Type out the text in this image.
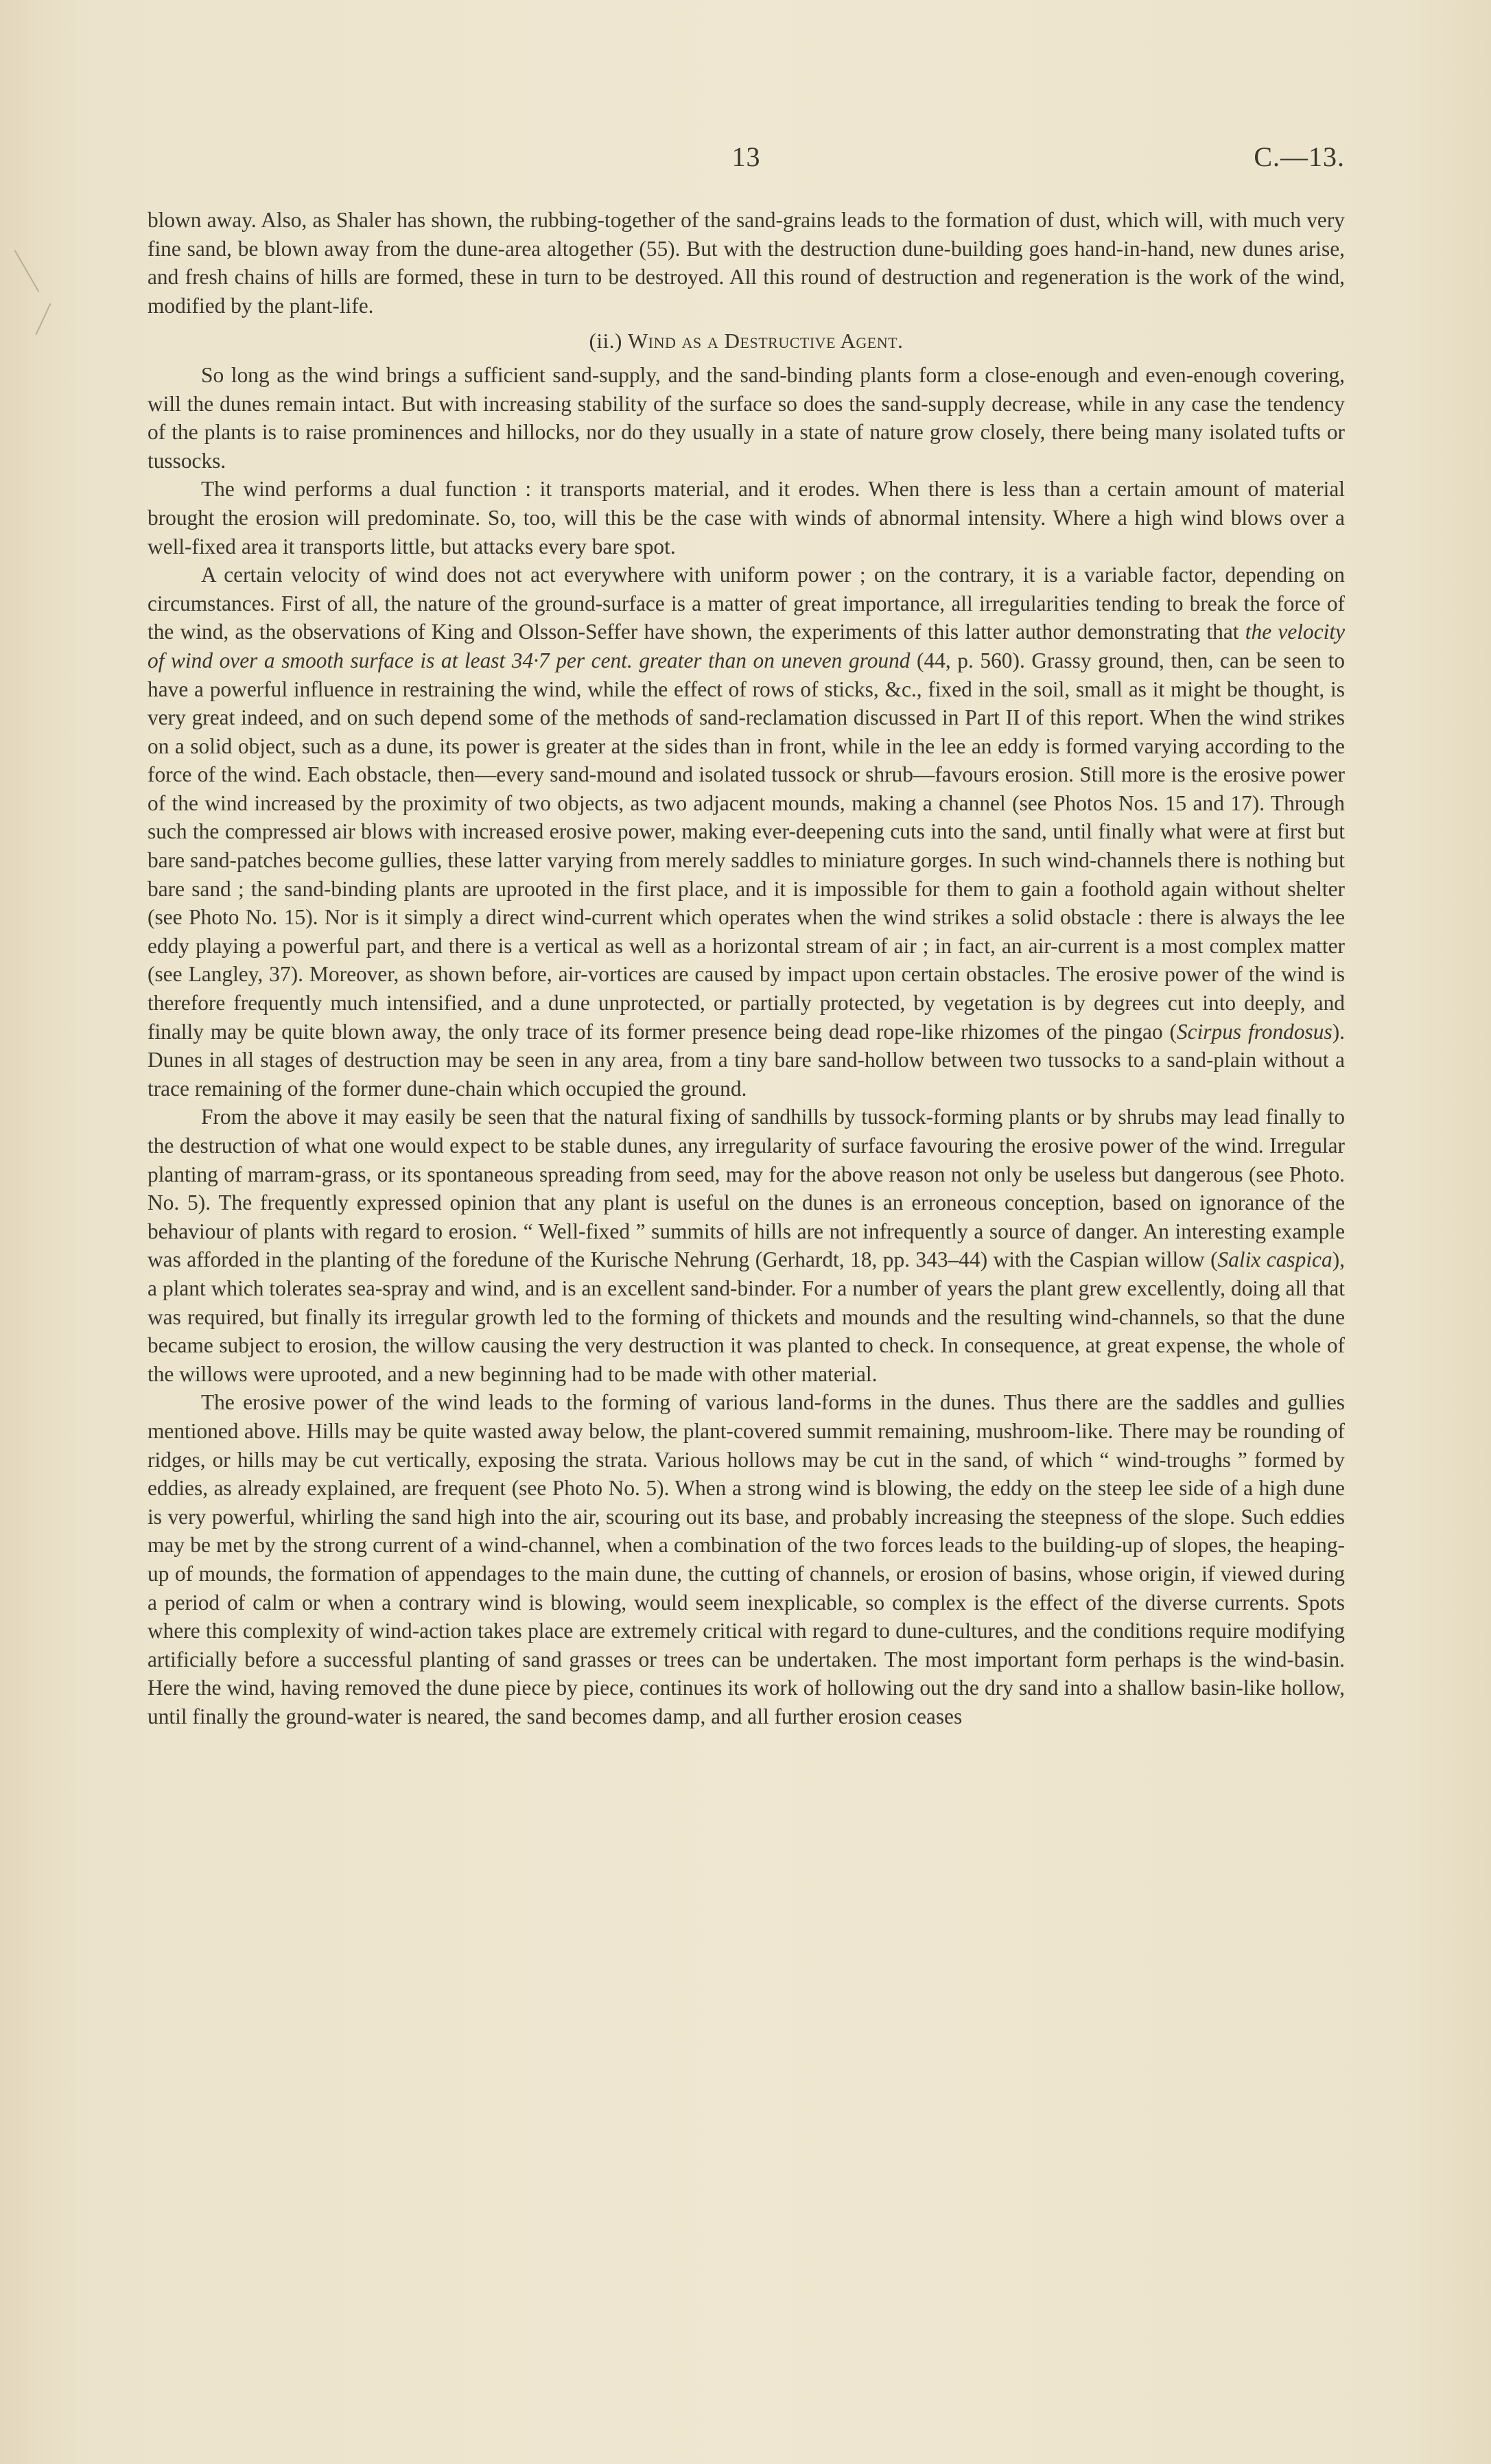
13	C.—13.

blown away. Also, as Shaler has shown, the rubbing-together of the sand-grains leads to the formation of dust, which will, with much very fine sand, be blown away from the dune-area altogether (55). But with the destruction dune-building goes hand-in-hand, new dunes arise, and fresh chains of hills are formed, these in turn to be destroyed. All this round of destruction and regeneration is the work of the wind, modified by the plant-life.

(ii.) Wind as a Destructive Agent.

So long as the wind brings a sufficient sand-supply, and the sand-binding plants form a close-enough and even-enough covering, will the dunes remain intact. But with increasing stability of the surface so does the sand-supply decrease, while in any case the tendency of the plants is to raise prominences and hillocks, nor do they usually in a state of nature grow closely, there being many isolated tufts or tussocks.

The wind performs a dual function : it transports material, and it erodes. When there is less than a certain amount of material brought the erosion will predominate. So, too, will this be the case with winds of abnormal intensity. Where a high wind blows over a well-fixed area it transports little, but attacks every bare spot.

A certain velocity of wind does not act everywhere with uniform power ; on the contrary, it is a variable factor, depending on circumstances. First of all, the nature of the ground-surface is a matter of great importance, all irregularities tending to break the force of the wind, as the observations of King and Olsson-Seffer have shown, the experiments of this latter author demonstrating that the velocity of wind over a smooth surface is at least 34·7 per cent. greater than on uneven ground (44, p. 560). Grassy ground, then, can be seen to have a powerful influence in restraining the wind, while the effect of rows of sticks, &c., fixed in the soil, small as it might be thought, is very great indeed, and on such depend some of the methods of sand-reclamation discussed in Part II of this report. When the wind strikes on a solid object, such as a dune, its power is greater at the sides than in front, while in the lee an eddy is formed varying according to the force of the wind. Each obstacle, then—every sand-mound and isolated tussock or shrub—favours erosion. Still more is the erosive power of the wind increased by the proximity of two objects, as two adjacent mounds, making a channel (see Photos Nos. 15 and 17). Through such the compressed air blows with increased erosive power, making ever-deepening cuts into the sand, until finally what were at first but bare sand-patches become gullies, these latter varying from merely saddles to miniature gorges. In such wind-channels there is nothing but bare sand ; the sand-binding plants are uprooted in the first place, and it is impossible for them to gain a foothold again without shelter (see Photo No. 15). Nor is it simply a direct wind-current which operates when the wind strikes a solid obstacle : there is always the lee eddy playing a powerful part, and there is a vertical as well as a horizontal stream of air ; in fact, an air-current is a most complex matter (see Langley, 37). Moreover, as shown before, air-vortices are caused by impact upon certain obstacles. The erosive power of the wind is therefore frequently much intensified, and a dune unprotected, or partially protected, by vegetation is by degrees cut into deeply, and finally may be quite blown away, the only trace of its former presence being dead rope-like rhizomes of the pingao (Scirpus frondosus). Dunes in all stages of destruction may be seen in any area, from a tiny bare sand-hollow between two tussocks to a sand-plain without a trace remaining of the former dune-chain which occupied the ground.

From the above it may easily be seen that the natural fixing of sandhills by tussock-forming plants or by shrubs may lead finally to the destruction of what one would expect to be stable dunes, any irregularity of surface favouring the erosive power of the wind. Irregular planting of marram-grass, or its spontaneous spreading from seed, may for the above reason not only be useless but dangerous (see Photo. No. 5). The frequently expressed opinion that any plant is useful on the dunes is an erroneous conception, based on ignorance of the behaviour of plants with regard to erosion. “ Well-fixed ” summits of hills are not infrequently a source of danger. An interesting example was afforded in the planting of the foredune of the Kurische Nehrung (Gerhardt, 18, pp. 343–44) with the Caspian willow (Salix caspica), a plant which tolerates sea-spray and wind, and is an excellent sand-binder. For a number of years the plant grew excellently, doing all that was required, but finally its irregular growth led to the forming of thickets and mounds and the resulting wind-channels, so that the dune became subject to erosion, the willow causing the very destruction it was planted to check. In consequence, at great expense, the whole of the willows were uprooted, and a new beginning had to be made with other material.

The erosive power of the wind leads to the forming of various land-forms in the dunes. Thus there are the saddles and gullies mentioned above. Hills may be quite wasted away below, the plant-covered summit remaining, mushroom-like. There may be rounding of ridges, or hills may be cut vertically, exposing the strata. Various hollows may be cut in the sand, of which “ wind-troughs ” formed by eddies, as already explained, are frequent (see Photo No. 5). When a strong wind is blowing, the eddy on the steep lee side of a high dune is very powerful, whirling the sand high into the air, scouring out its base, and probably increasing the steepness of the slope. Such eddies may be met by the strong current of a wind-channel, when a combination of the two forces leads to the building-up of slopes, the heaping-up of mounds, the formation of appendages to the main dune, the cutting of channels, or erosion of basins, whose origin, if viewed during a period of calm or when a contrary wind is blowing, would seem inexplicable, so complex is the effect of the diverse currents. Spots where this complexity of wind-action takes place are extremely critical with regard to dune-cultures, and the conditions require modifying artificially before a successful planting of sand grasses or trees can be undertaken. The most important form perhaps is the wind-basin. Here the wind, having removed the dune piece by piece, continues its work of hollowing out the dry sand into a shallow basin-like hollow, until finally the ground-water is neared, the sand becomes damp, and all further erosion ceases
